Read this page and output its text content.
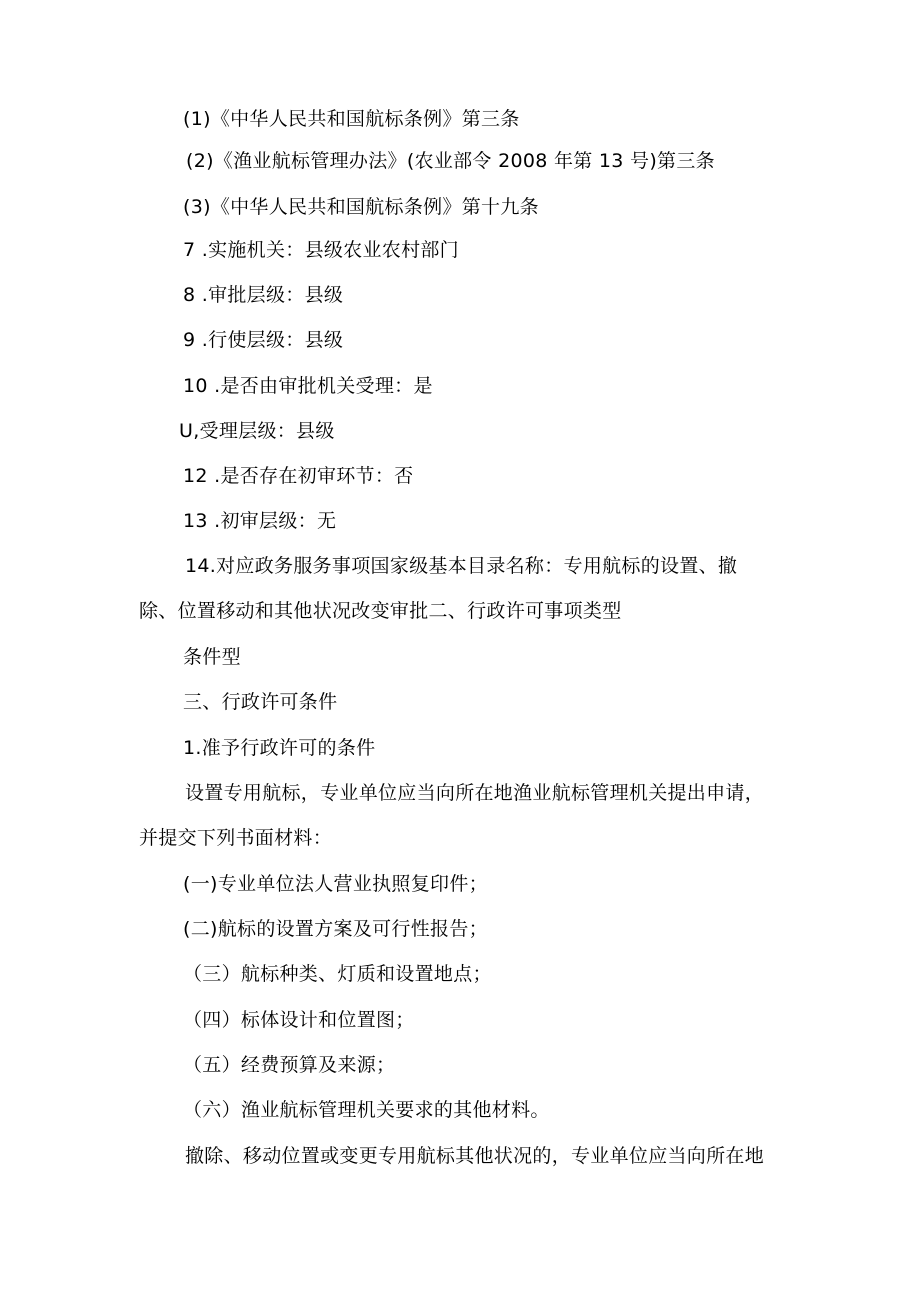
(1)《中华人民共和国航标条例》第三条
(2)《渔业航标管理办法》(农业部令 2008 年第 13 号)第三条
(3)《中华人民共和国航标条例》第十九条
7 .实施机关：县级农业农村部门
8 .审批层级：县级
9 .行使层级：县级
10 .是否由审批机关受理：是
U,受理层级：县级
12 .是否存在初审环节：否
13 .初审层级：无
14.对应政务服务事项国家级基本目录名称：专用航标的设置、撤
除、位置移动和其他状况改变审批二、行政许可事项类型
条件型
三、行政许可条件
1.准予行政许可的条件
设置专用航标，专业单位应当向所在地渔业航标管理机关提出申请，
并提交下列书面材料：
(一)专业单位法人营业执照复印件；
(二)航标的设置方案及可行性报告；
（三）航标种类、灯质和设置地点；
（四）标体设计和位置图；
（五）经费预算及来源；
（六）渔业航标管理机关要求的其他材料。
撤除、移动位置或变更专用航标其他状况的，专业单位应当向所在地
